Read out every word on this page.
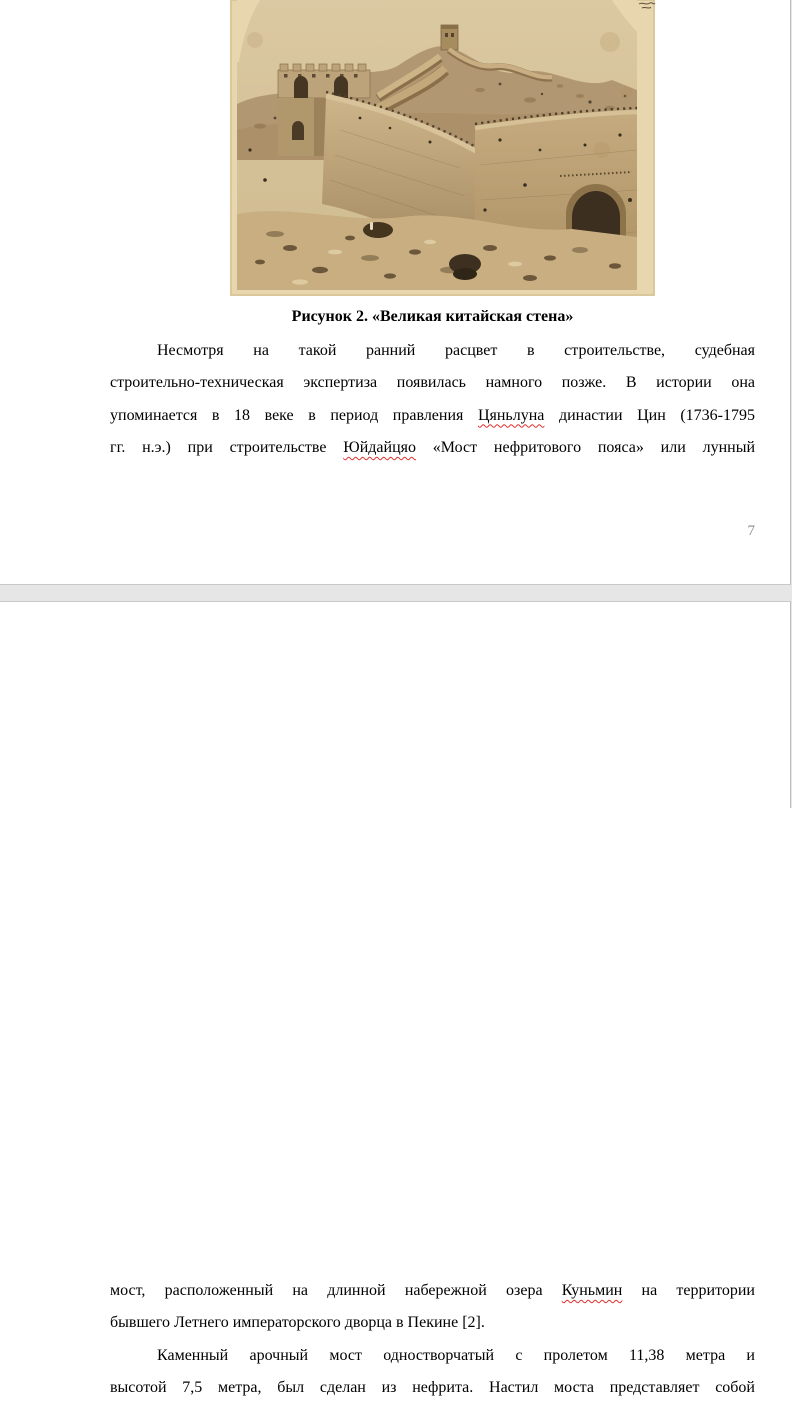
Рисунок 2. «Великая китайская стена»
Несмотря на такой ранний расцвет в строительстве, судебная
строительно-техническая экспертиза появилась намного позже. В истории она
упоминается в 18 веке в период правления Цяньлуна династии Цин (1736-1795
гг. н.э.) при строительстве Юйдайцяо «Мост нефритового пояса» или лунный
7
мост, расположенный на длинной набережной озера Куньмин на территории
бывшего Летнего императорского дворца в Пекине [2].
Каменный арочный мост одностворчатый с пролетом 11,38 метра и
высотой 7,5 метра, был сделан из нефрита. Настил моста представляет собой
